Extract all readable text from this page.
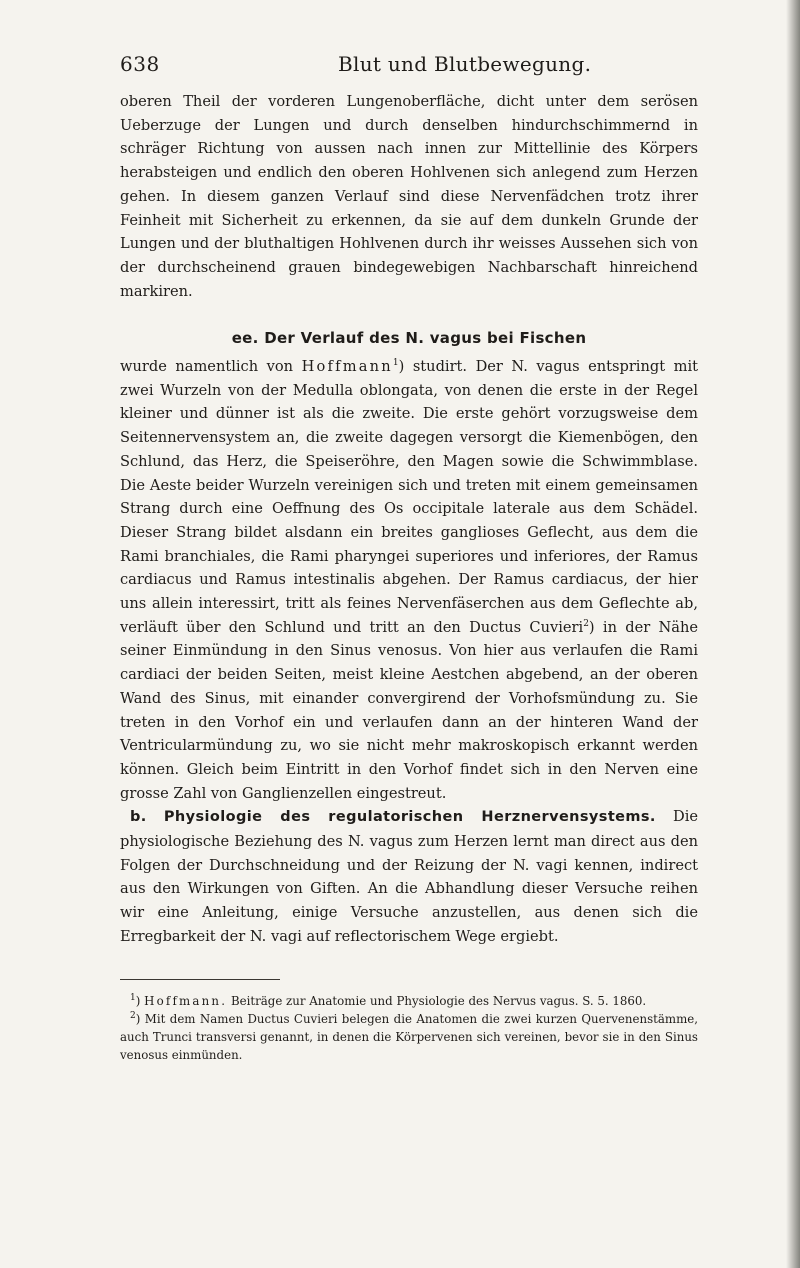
638	Blut und Blutbewegung.

oberen Theil der vorderen Lungenoberfläche, dicht unter dem serösen Ueberzuge der Lungen und durch denselben hindurchschimmernd in schräger Richtung von aussen nach innen zur Mittellinie des Körpers herabsteigen und endlich den oberen Hohlvenen sich anlegend zum Herzen gehen. In diesem ganzen Verlauf sind diese Nervenfädchen trotz ihrer Feinheit mit Sicherheit zu erkennen, da sie auf dem dunkeln Grunde der Lungen und der bluthaltigen Hohlvenen durch ihr weisses Aussehen sich von der durchscheinend grauen bindegewebigen Nachbarschaft hinreichend markiren.

ee. Der Verlauf des N. vagus bei Fischen

wurde namentlich von Hoffmann$^1$) studirt. Der N. vagus entspringt mit zwei Wurzeln von der Medulla oblongata, von denen die erste in der Regel kleiner und dünner ist als die zweite. Die erste gehört vorzugsweise dem Seitennervensystem an, die zweite dagegen versorgt die Kiemenbögen, den Schlund, das Herz, die Speiseröhre, den Magen sowie die Schwimmblase. Die Aeste beider Wurzeln vereinigen sich und treten mit einem gemeinsamen Strang durch eine Oeffnung des Os occipitale laterale aus dem Schädel. Dieser Strang bildet alsdann ein breites ganglioses Geflecht, aus dem die Rami branchiales, die Rami pharyngei superiores und inferiores, der Ramus cardiacus und Ramus intestinalis abgehen. Der Ramus cardiacus, der hier uns allein interessirt, tritt als feines Nervenfäserchen aus dem Geflechte ab, verläuft über den Schlund und tritt an den Ductus Cuvieri$^2$) in der Nähe seiner Einmündung in den Sinus venosus. Von hier aus verlaufen die Rami cardiaci der beiden Seiten, meist kleine Aestchen abgebend, an der oberen Wand des Sinus, mit einander convergirend der Vorhofsmündung zu. Sie treten in den Vorhof ein und verlaufen dann an der hinteren Wand der Ventricularmündung zu, wo sie nicht mehr makroskopisch erkannt werden können. Gleich beim Eintritt in den Vorhof findet sich in den Nerven eine grosse Zahl von Ganglienzellen eingestreut.

b. Physiologie des regulatorischen Herznervensystems. Die physiologische Beziehung des N. vagus zum Herzen lernt man direct aus den Folgen der Durchschneidung und der Reizung der N. vagi kennen, indirect aus den Wirkungen von Giften. An die Abhandlung dieser Versuche reihen wir eine Anleitung, einige Versuche anzustellen, aus denen sich die Erregbarkeit der N. vagi auf reflectorischem Wege ergiebt.

$^1$) Hoffmann. Beiträge zur Anatomie und Physiologie des Nervus vagus. S. 5. 1860.

$^2$) Mit dem Namen Ductus Cuvieri belegen die Anatomen die zwei kurzen Quervenenstämme, auch Trunci transversi genannt, in denen die Körpervenen sich vereinen, bevor sie in den Sinus venosus einmünden.
